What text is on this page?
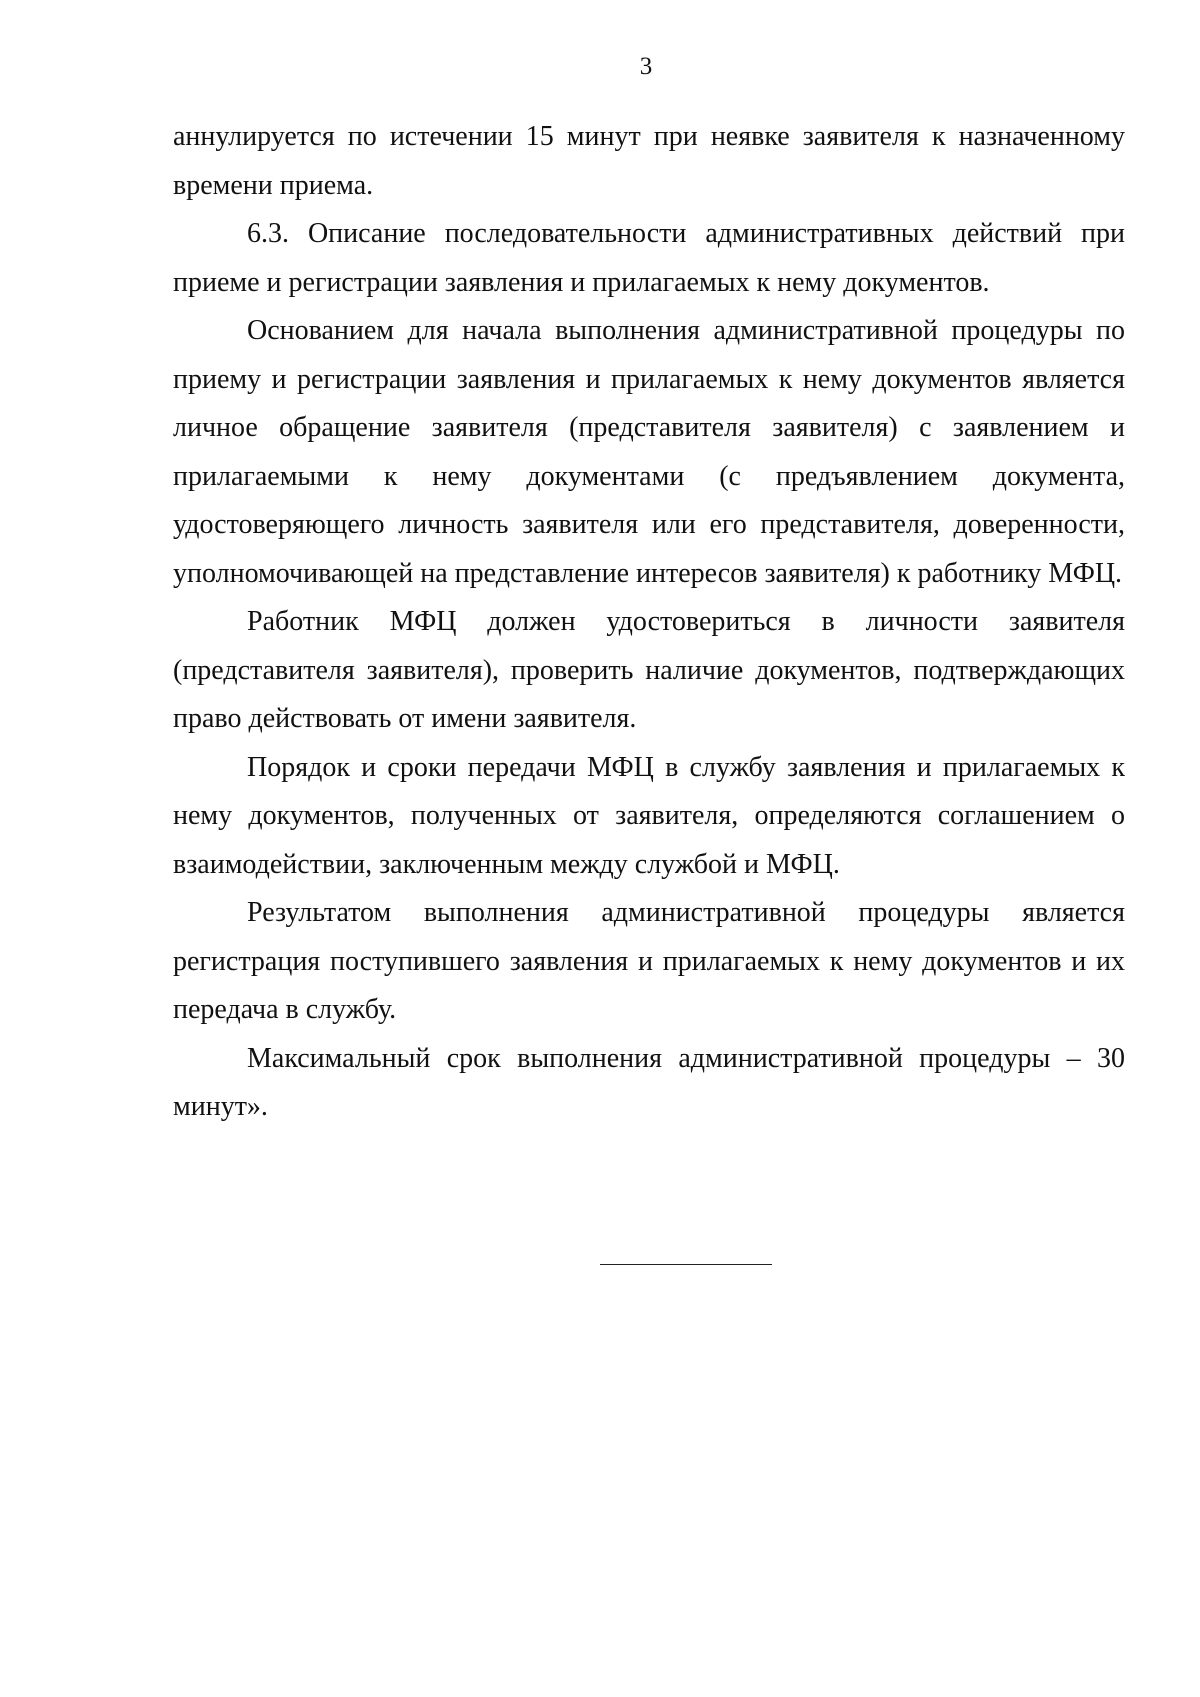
3

аннулируется по истечении 15 минут при неявке заявителя к назначенному времени приема.

6.3. Описание последовательности административных действий при приеме и регистрации заявления и прилагаемых к нему документов.

Основанием для начала выполнения административной процедуры по приему и регистрации заявления и прилагаемых к нему документов является личное обращение заявителя (представителя заявителя) с заявлением и прилагаемыми к нему документами (с предъявлением документа, удостоверяющего личность заявителя или его представителя, доверенности, уполномочивающей на представление интересов заявителя) к работнику МФЦ.

Работник МФЦ должен удостовериться в личности заявителя (представителя заявителя), проверить наличие документов, подтверждающих право действовать от имени заявителя.

Порядок и сроки передачи МФЦ в службу заявления и прилагаемых к нему документов, полученных от заявителя, определяются соглашением о взаимодействии, заключенным между службой и МФЦ.

Результатом выполнения административной процедуры является регистрация поступившего заявления и прилагаемых к нему документов и их передача в службу.

Максимальный срок выполнения административной процедуры – 30 минут».
